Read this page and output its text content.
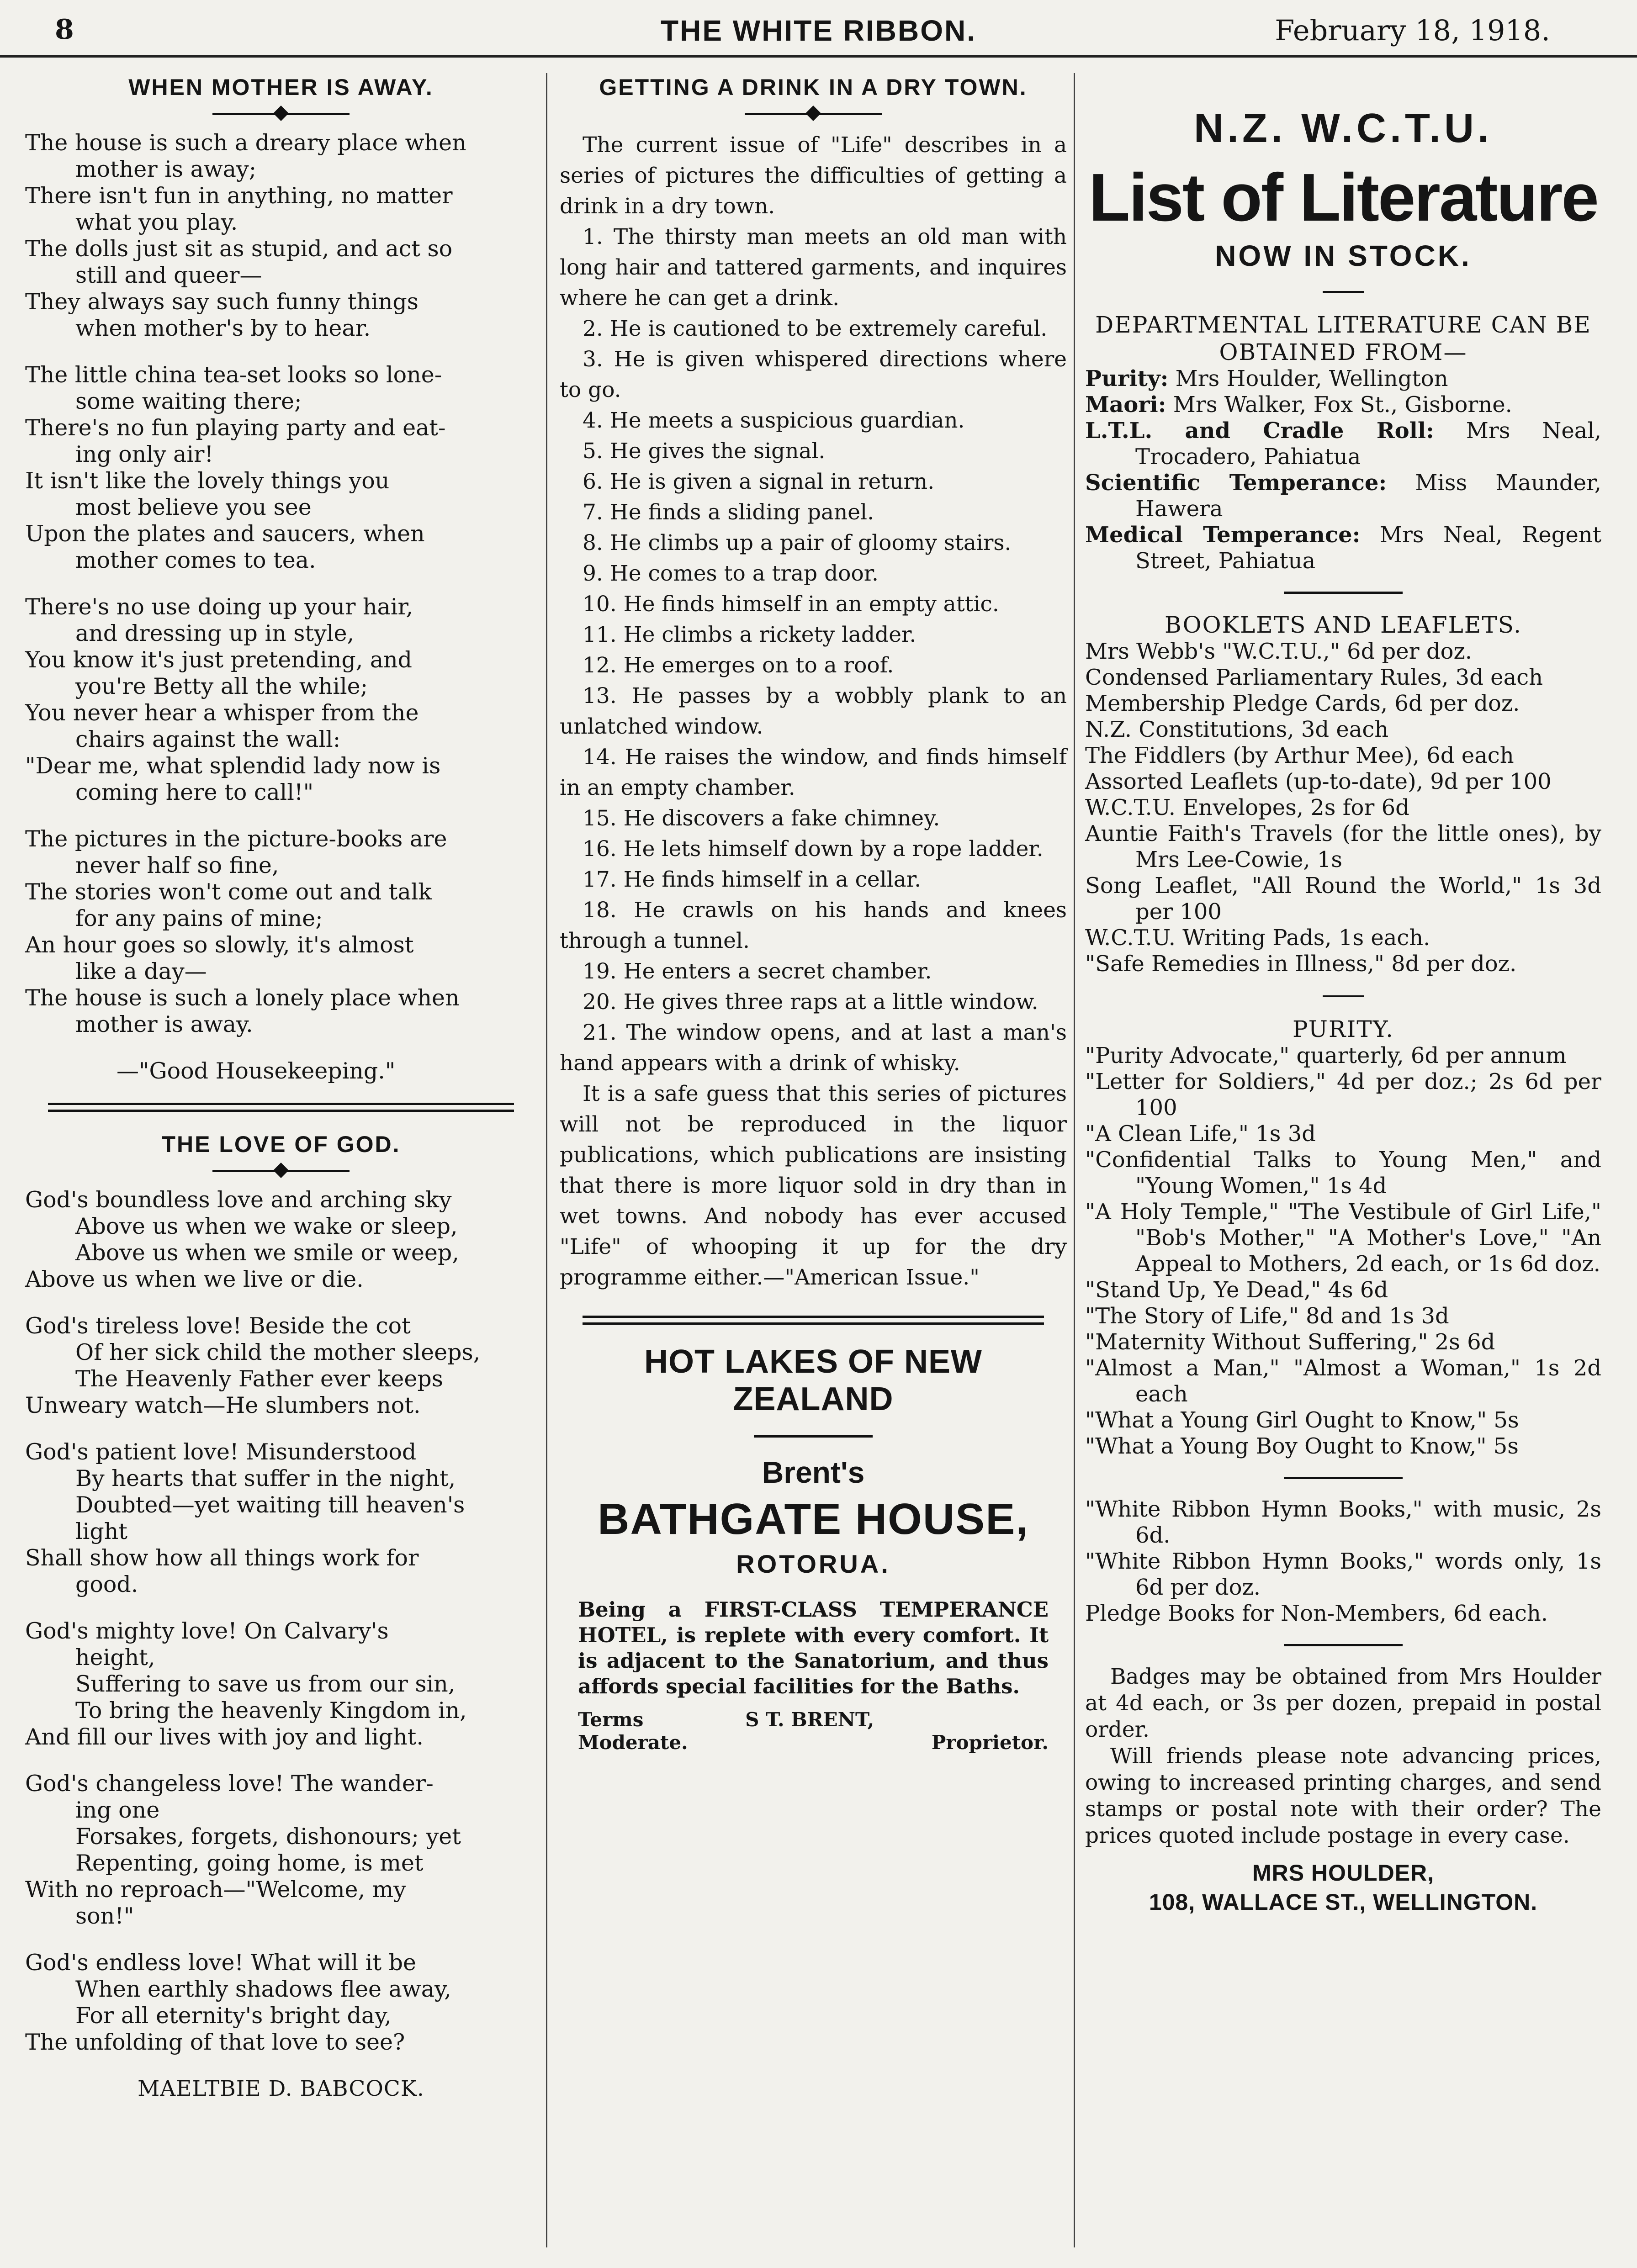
8	THE WHITE RIBBON.	February 18, 1918.
WHEN MOTHER IS AWAY.

The house is such a dreary place when

mother is away;

There isn't fun in anything, no matter

what you play.

The dolls just sit as stupid, and act so

still and queer—

They always say such funny things

when mother's by to hear.

The little china tea-set looks so lone-

some waiting there;

There's no fun playing party and eat-

ing only air!

It isn't like the lovely things you

most believe you see

Upon the plates and saucers, when

mother comes to tea.

There's no use doing up your hair,

and dressing up in style,

You know it's just pretending, and

you're Betty all the while;

You never hear a whisper from the

chairs against the wall:

"Dear me, what splendid lady now is

coming here to call!"

The pictures in the picture-books are

never half so fine,

The stories won't come out and talk

for any pains of mine;

An hour goes so slowly, it's almost

like a day—

The house is such a lonely place when

mother is away.

—"Good Housekeeping."
THE LOVE OF GOD.

God's boundless love and arching sky

Above us when we wake or sleep,

Above us when we smile or weep,

Above us when we live or die.

God's tireless love! Beside the cot

Of her sick child the mother sleeps,

The Heavenly Father ever keeps

Unweary watch—He slumbers not.

God's patient love! Misunderstood

By hearts that suffer in the night,

Doubted—yet waiting till heaven's

light

Shall show how all things work for

good.

God's mighty love! On Calvary's

height,

Suffering to save us from our sin,

To bring the heavenly Kingdom in,

And fill our lives with joy and light.

God's changeless love! The wander-

ing one

Forsakes, forgets, dishonours; yet

Repenting, going home, is met

With no reproach—"Welcome, my

son!"

God's endless love! What will it be

When earthly shadows flee away,

For all eternity's bright day,

The unfolding of that love to see?

MAELTBIE D. BABCOCK.
GETTING A DRINK IN A DRY TOWN.

The current issue of "Life" describes in a series of pictures the difficulties of getting a drink in a dry town.

1. The thirsty man meets an old man with long hair and tattered garments, and inquires where he can get a drink.

2. He is cautioned to be extremely careful.

3. He is given whispered directions where to go.

4. He meets a suspicious guardian.

5. He gives the signal.

6. He is given a signal in return.

7. He finds a sliding panel.

8. He climbs up a pair of gloomy stairs.

9. He comes to a trap door.

10. He finds himself in an empty attic.

11. He climbs a rickety ladder.

12. He emerges on to a roof.

13. He passes by a wobbly plank to an unlatched window.

14. He raises the window, and finds himself in an empty chamber.

15. He discovers a fake chimney.

16. He lets himself down by a rope ladder.

17. He finds himself in a cellar.

18. He crawls on his hands and knees through a tunnel.

19. He enters a secret chamber.

20. He gives three raps at a little window.

21. The window opens, and at last a man's hand appears with a drink of whisky.

It is a safe guess that this series of pictures will not be reproduced in the liquor publications, which publications are insisting that there is more liquor sold in dry than in wet towns. And nobody has ever accused "Life" of whooping it up for the dry programme either.—"American Issue."

HOT LAKES OF NEW ZEALAND
Brent's
BATHGATE HOUSE,
ROTORUA.
Being a FIRST-CLASS TEMPERANCE HOTEL, is replete with every comfort. It is adjacent to the Sanatorium, and thus affords special facilities for the Baths.
Terms
Moderate.
S T. BRENT,
Proprietor.
N.Z. W.C.T.U.
List of Literature
NOW IN STOCK.
DEPARTMENTAL LITERATURE CAN BE OBTAINED FROM—
Purity: Mrs Houlder, Wellington
Maori: Mrs Walker, Fox St., Gisborne.
L.T.L. and Cradle Roll: Mrs Neal, Trocadero, Pahiatua
Scientific Temperance: Miss Maunder, Hawera
Medical Temperance: Mrs Neal, Regent Street, Pahiatua
BOOKLETS AND LEAFLETS.
Mrs Webb's "W.C.T.U.," 6d per doz.
Condensed Parliamentary Rules, 3d each
Membership Pledge Cards, 6d per doz.
N.Z. Constitutions, 3d each
The Fiddlers (by Arthur Mee), 6d each
Assorted Leaflets (up-to-date), 9d per 100
W.C.T.U. Envelopes, 2s for 6d
Auntie Faith's Travels (for the little ones), by Mrs Lee-Cowie, 1s
Song Leaflet, "All Round the World," 1s 3d per 100
W.C.T.U. Writing Pads, 1s each.
"Safe Remedies in Illness," 8d per doz.
PURITY.
"Purity Advocate," quarterly, 6d per annum
"Letter for Soldiers," 4d per doz.; 2s 6d per 100
"A Clean Life," 1s 3d
"Confidential Talks to Young Men," and "Young Women," 1s 4d
"A Holy Temple," "The Vestibule of Girl Life," "Bob's Mother," "A Mother's Love," "An Appeal to Mothers, 2d each, or 1s 6d doz.
"Stand Up, Ye Dead," 4s 6d
"The Story of Life," 8d and 1s 3d
"Maternity Without Suffering," 2s 6d
"Almost a Man," "Almost a Woman," 1s 2d each
"What a Young Girl Ought to Know," 5s
"What a Young Boy Ought to Know," 5s
"White Ribbon Hymn Books," with music, 2s 6d.
"White Ribbon Hymn Books," words only, 1s 6d per doz.
Pledge Books for Non-Members, 6d each.

Badges may be obtained from Mrs Houlder at 4d each, or 3s per dozen, prepaid in postal order.

Will friends please note advancing prices, owing to increased printing charges, and send stamps or postal note with their order? The prices quoted include postage in every case.

MRS HOULDER,
108, WALLACE ST., WELLINGTON.
